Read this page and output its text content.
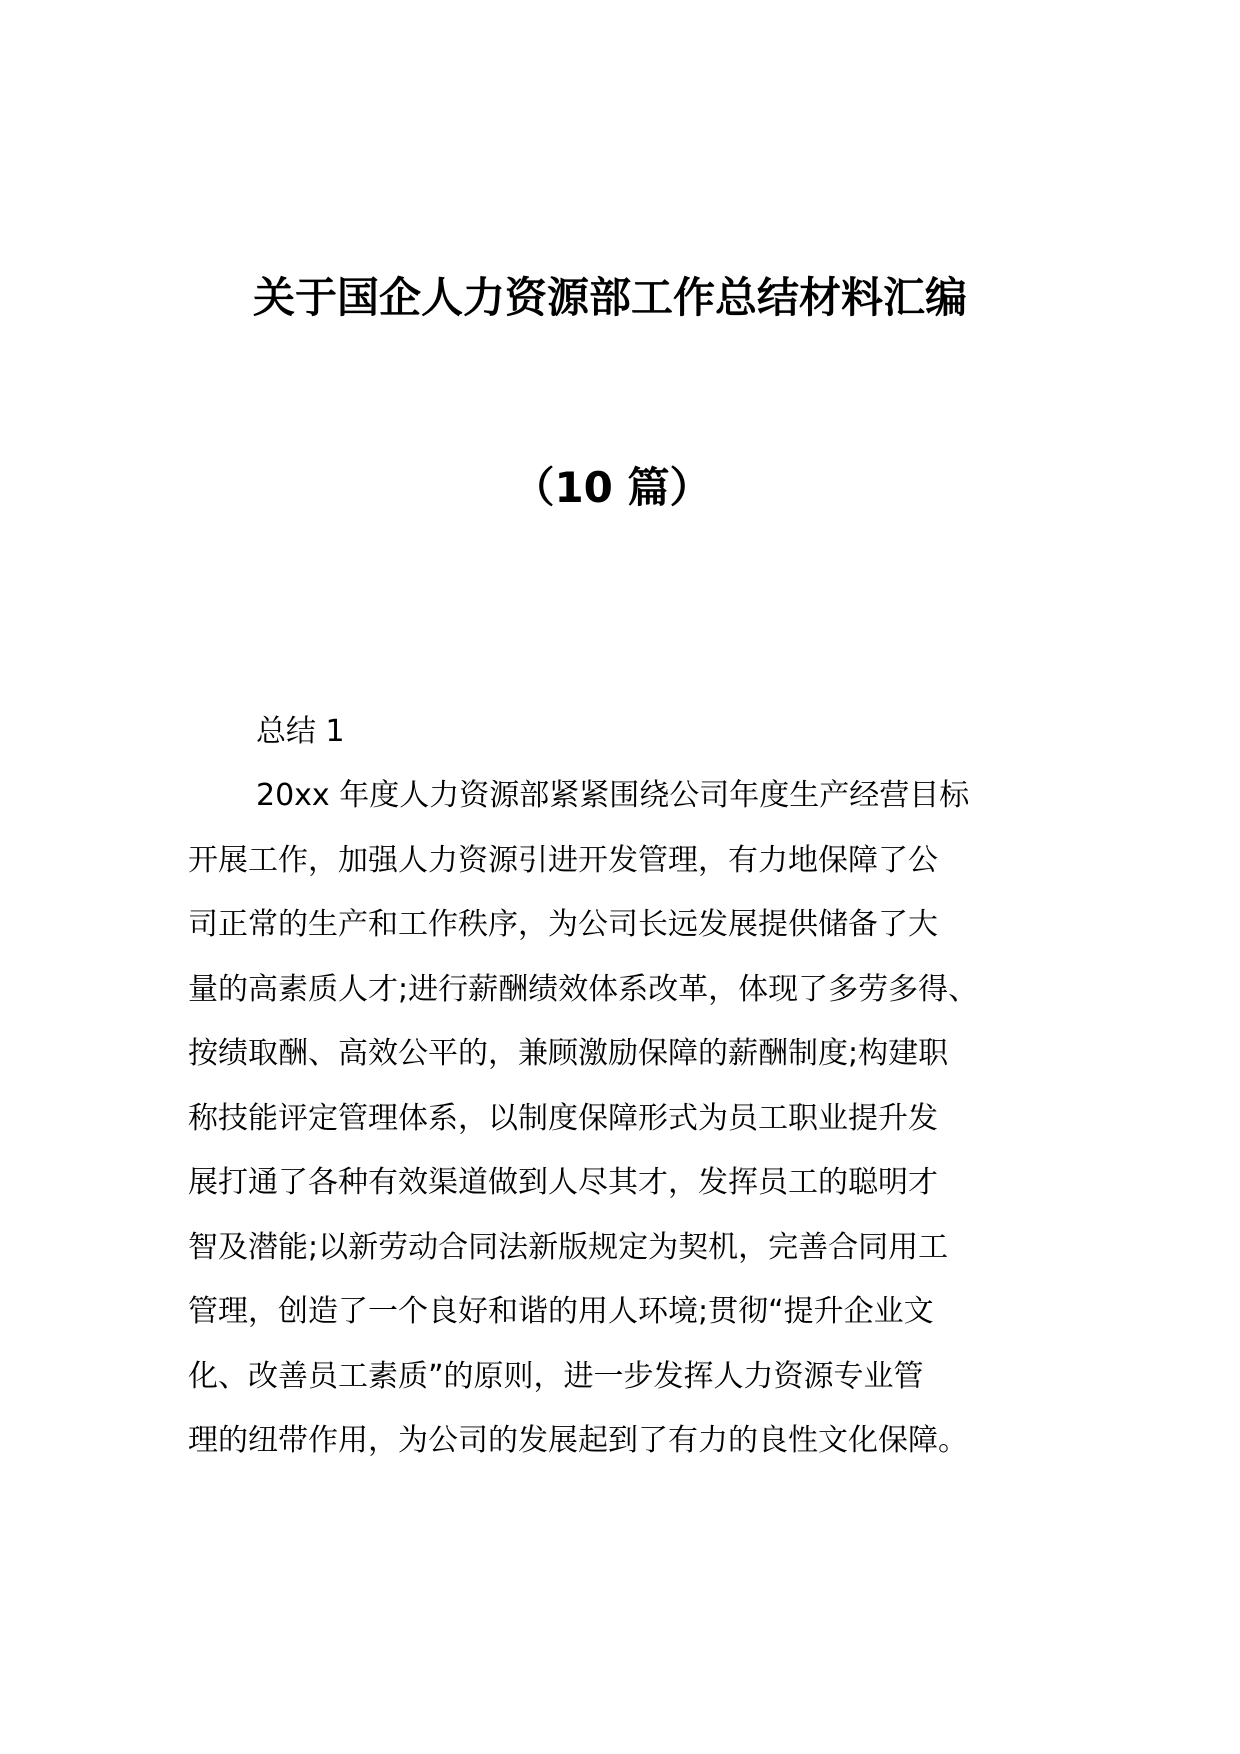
关于国企人力资源部工作总结材料汇编
（10 篇）

总结 1

20xx 年度人力资源部紧紧围绕公司年度生产经营目标

开展工作，加强人力资源引进开发管理，有力地保障了公

司正常的生产和工作秩序，为公司长远发展提供储备了大

量的高素质人才;进行薪酬绩效体系改革，体现了多劳多得、

按绩取酬、高效公平的，兼顾激励保障的薪酬制度;构建职

称技能评定管理体系，以制度保障形式为员工职业提升发

展打通了各种有效渠道做到人尽其才，发挥员工的聪明才

智及潜能;以新劳动合同法新版规定为契机，完善合同用工

管理，创造了一个良好和谐的用人环境;贯彻“提升企业文

化、改善员工素质”的原则，进一步发挥人力资源专业管

理的纽带作用，为公司的发展起到了有力的良性文化保障。
